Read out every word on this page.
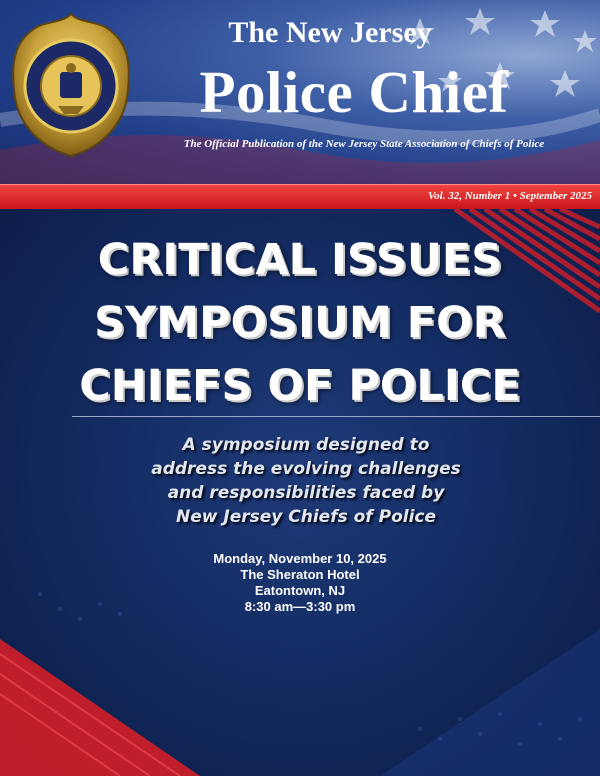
The New Jersey
Police Chief
The Official Publication of the New Jersey State Association of Chiefs of Police
Vol. 32, Number 1 • September 2025
CRITICAL ISSUES
SYMPOSIUM FOR
CHIEFS OF POLICE
A symposium designed to
address the evolving challenges
and responsibilities faced by
New Jersey Chiefs of Police
Monday, November 10, 2025
The Sheraton Hotel
Eatontown, NJ
8:30 am—3:30 pm
